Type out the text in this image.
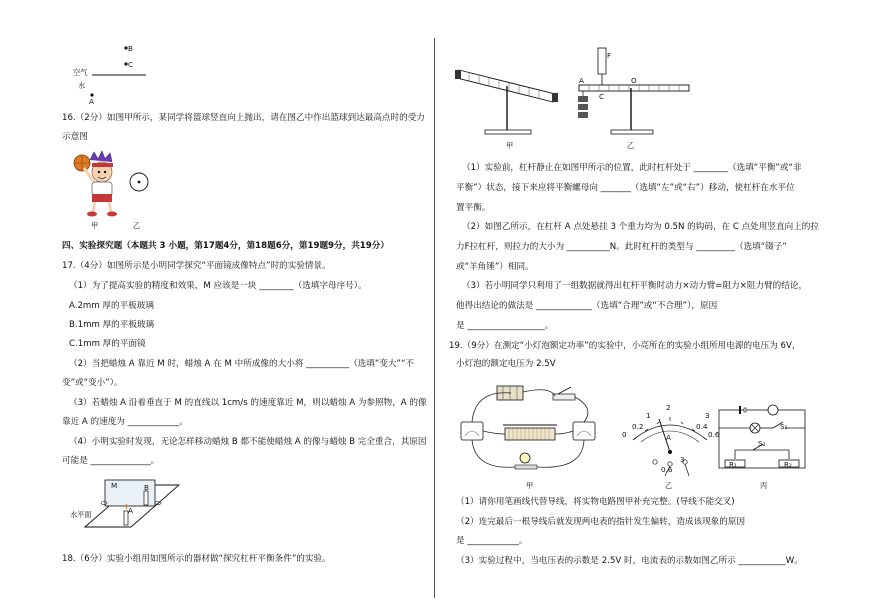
B
C
空气
水
A
16.（2分）如图甲所示，某同学将篮球竖直向上抛出，请在图乙中作出篮球到达最高点时的受力
示意图
甲	乙
四、实验探究题（本题共 3 小题，第17题4分，第18题6分，第19题9分，共19分）
17.（4分）如图所示是小明同学探究“平面镜成像特点”时的实验情景。
（1）为了提高实验的精度和效果，M 应该是一块 ________（选填字母序号）。
A.2mm 厚的平板玻璃
B.1mm 厚的平板玻璃
C.1mm 厚的平面镜
（2）当把蜡烛 A 靠近 M 时，蜡烛 A 在 M 中所成像的大小将 __________（选填“变大”“不
变”或“变小”）。
（3）若蜡烛 A 沿着垂直于 M 的直线以 1cm/s 的速度靠近 M，则以蜡烛 A 为参照物，A 的像
靠近 A 的速度为 ____________。
（4）小明实验时发现，无论怎样移动蜡烛 B 都不能使蜡烛 A 的像与蜡烛 B 完全重合，其原因
可能是 ______________。
M	B
A
水平面
18.（6分）实验小组用如图所示的器材做“探究杠杆平衡条件”的实验。
甲
F
A
C
O
乙
（1）实验前，杠杆静止在如图甲所示的位置，此时杠杆处于 ________（选填“平衡”或“非
平衡”）状态，接下来应将平衡螺母向 _______（选填“左”或“右”）移动，使杠杆在水平位
置平衡。
（2）如图乙所示，在杠杆 A 点处悬挂 3 个重力均为 0.5N 的钩码，在 C 点处用竖直向上的拉
力F拉杠杆，则拉力的大小为 __________N。此时杠杆的类型与 _________（选填“镊子”
或“羊角锤”）相同。
（3）若小明同学只利用了一组数据就得出杠杆平衡时动力×动力臂=阻力×阻力臂的结论，
他得出结论的做法是 _____________（选填“合理”或“不合理”），原因
是 __________________。
19.（9分）在测定“小灯泡额定功率”的实验中，小亮所在的实验小组所用电源的电压为 6V，
小灯泡的额定电压为 2.5V
甲
0
1
0.2
2
0.4
3
0.6
A
0.6
3
乙
S₁
S₂
R₁	R₂
丙
（1）请你用笔画线代替导线，将实物电路图甲补充完整。(导线不能交叉)
（2）连完最后一根导线后就发现两电表的指针发生偏转，造成该现象的原因
是 ____________。
（3）实验过程中，当电压表的示数是 2.5V 时，电流表的示数如图乙所示 ___________W。
